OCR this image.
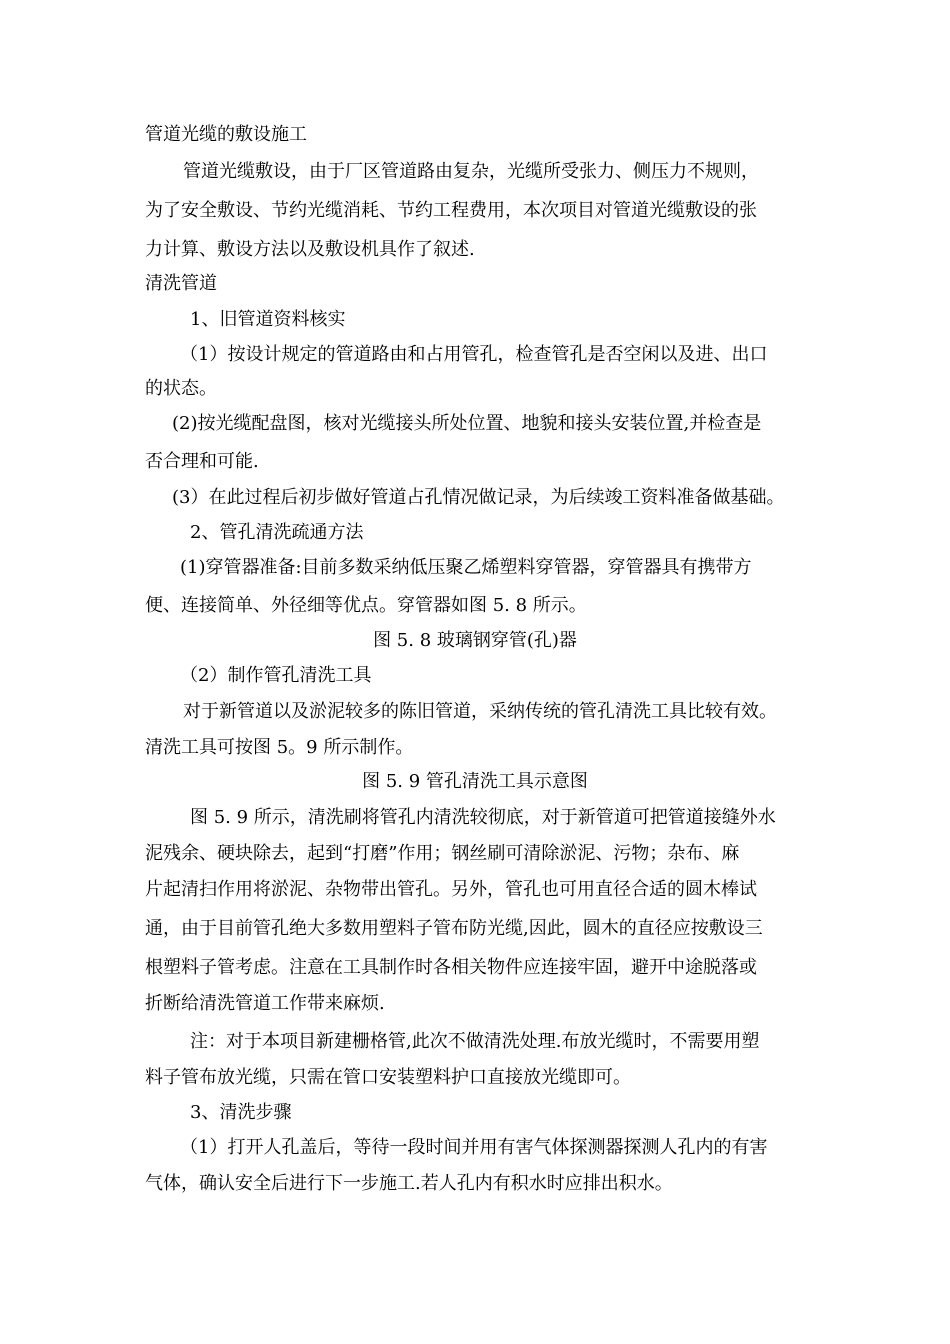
管道光缆的敷设施工
管道光缆敷设，由于厂区管道路由复杂，光缆所受张力、侧压力不规则，
为了安全敷设、节约光缆消耗、节约工程费用，本次项目对管道光缆敷设的张
力计算、敷设方法以及敷设机具作了叙述.
清洗管道
1、旧管道资料核实
（1）按设计规定的管道路由和占用管孔，检查管孔是否空闲以及进、出口
的状态。
(2)按光缆配盘图，核对光缆接头所处位置、地貌和接头安装位置,并检查是
否合理和可能.
(3）在此过程后初步做好管道占孔情况做记录，为后续竣工资料准备做基础。
2、管孔清洗疏通方法
(1)穿管器准备:目前多数采纳低压聚乙烯塑料穿管器，穿管器具有携带方
便、连接简单、外径细等优点。穿管器如图 5. 8 所示。
图 5. 8 玻璃钢穿管(孔)器
（2）制作管孔清洗工具
对于新管道以及淤泥较多的陈旧管道，采纳传统的管孔清洗工具比较有效。
清洗工具可按图 5。9 所示制作。
图 5. 9 管孔清洗工具示意图
图 5. 9 所示，清洗刷将管孔内清洗较彻底，对于新管道可把管道接缝外水
泥残余、硬块除去，起到“打磨”作用；钢丝刷可清除淤泥、污物；杂布、麻
片起清扫作用将淤泥、杂物带出管孔。另外，管孔也可用直径合适的圆木棒试
通，由于目前管孔绝大多数用塑料子管布防光缆,因此，圆木的直径应按敷设三
根塑料子管考虑。注意在工具制作时各相关物件应连接牢固，避开中途脱落或
折断给清洗管道工作带来麻烦.
注：对于本项目新建栅格管,此次不做清洗处理.布放光缆时，不需要用塑
料子管布放光缆，只需在管口安装塑料护口直接放光缆即可。
3、清洗步骤
（1）打开人孔盖后，等待一段时间并用有害气体探测器探测人孔内的有害
气体，确认安全后进行下一步施工.若人孔内有积水时应排出积水。
